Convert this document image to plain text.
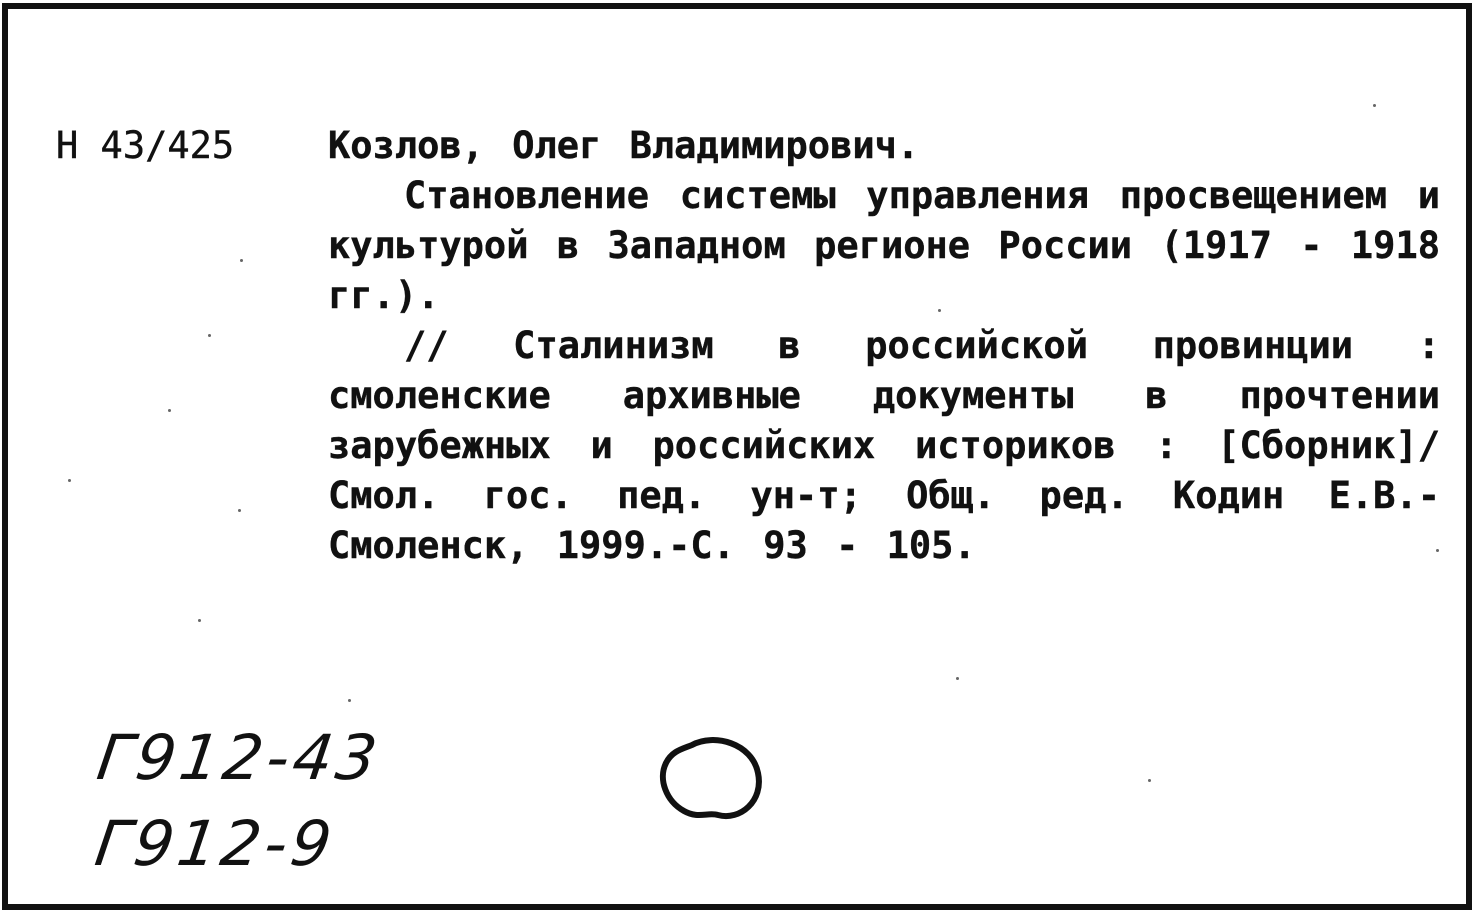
Н 43/425	Козлов, Олег Владимирович.

Становление системы управления просвещением и культурой в Западном регионе России (1917 - 1918 гг.).

// Сталинизм в российской провинции : смоленские архивные документы в прочтении зарубежных и российских историков : [Сборник]/ Смол. гос. пед. ун-т; Общ. ред. Кодин Е.В.- Смоленск, 1999.-С. 93 - 105.

Г912-43
Г912-9
